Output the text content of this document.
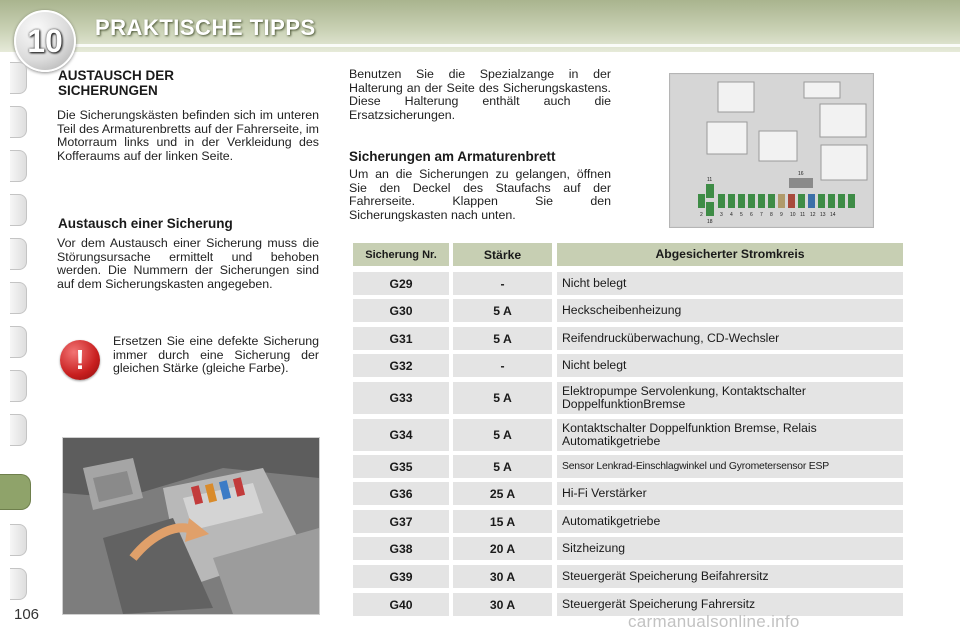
10	PRAKTISCHE TIPPS
106
AUSTAUSCH DER
SICHERUNGEN
Die Sicherungskästen befinden sich im unteren Teil des Armaturenbretts auf der Fahrerseite, im Motorraum links und in der Verkleidung des Kofferaums auf der linken Seite.
Austausch einer Sicherung
Vor dem Austausch einer Sicherung muss die Störungsursache ermittelt und behoben werden. Die Nummern der Sicherungen sind auf dem Sicherungskasten angegeben.
!
Ersetzen Sie eine defekte Sicherung immer durch eine Sicherung der gleichen Stärke (gleiche Farbe).
Benutzen Sie die Spezialzange in der Halterung an der Seite des Sicherungskastens. Diese Halterung enthält auch die Ersatzsicherungen.
Sicherungen am Armaturenbrett
Um an die Sicherungen zu gelangen, öffnen Sie den Deckel des Staufachs auf der Fahrerseite. Klappen Sie den Sicherungskasten nach unten.
11
18
16
2	3 4 5 6 7 8 9 10 11 12 13 14
Sicherung Nr.	Stärke	Abgesicherter Stromkreis
G29	-	Nicht belegt
G30	5 A	Heckscheibenheizung
G31	5 A	Reifendrucküberwachung, CD-Wechsler
G32	-	Nicht belegt
G33	5 A	Elektropumpe Servolenkung, Kontaktschalter DoppelfunktionBremse
G34	5 A	Kontaktschalter Doppelfunktion Bremse, Relais Automatikgetriebe
G35	5 A	Sensor Lenkrad-Einschlagwinkel und Gyrometersensor ESP
G36	25 A	Hi-Fi Verstärker
G37	15 A	Automatikgetriebe
G38	20 A	Sitzheizung
G39	30 A	Steuergerät Speicherung Beifahrersitz
G40	30 A	Steuergerät Speicherung Fahrersitz
carmanualsonline.info
